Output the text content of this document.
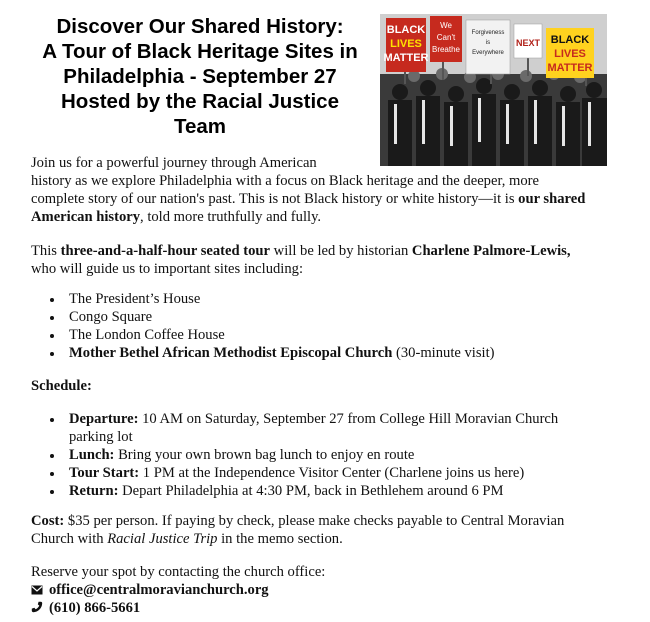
Discover Our Shared History:
A Tour of Black Heritage Sites in
Philadelphia - September 27
Hosted by the Racial Justice
Team
BLACK
LIVES
MATTER
We
Can't
Breathe
Forgiveness
is
Everywhere
NEXT BLACK
LIVES
MATTER

Join us for a powerful journey through American
history as we explore Philadelphia with a focus on Black heritage and the deeper, more
complete story of our nation's past. This is not Black history or white history—it is our shared
American history, told more truthfully and fully.

This three-and-a-half-hour seated tour will be led by historian Charlene Palmore-Lewis,
who will guide us to important sites including:

The President’s House
Congo Square
The London Coffee House
Mother Bethel African Methodist Episcopal Church (30-minute visit)

Schedule:

Departure: 10 AM on Saturday, September 27 from College Hill Moravian Church
parking lot
Lunch: Bring your own brown bag lunch to enjoy en route
Tour Start: 1 PM at the Independence Visitor Center (Charlene joins us here)
Return: Depart Philadelphia at 4:30 PM, back in Bethlehem around 6 PM

Cost: $35 per person. If paying by check, please make checks payable to Central Moravian
Church with Racial Justice Trip in the memo section.

Reserve your spot by contacting the church office:

office@centralmoravianchurch.org
(610) 866-5661
